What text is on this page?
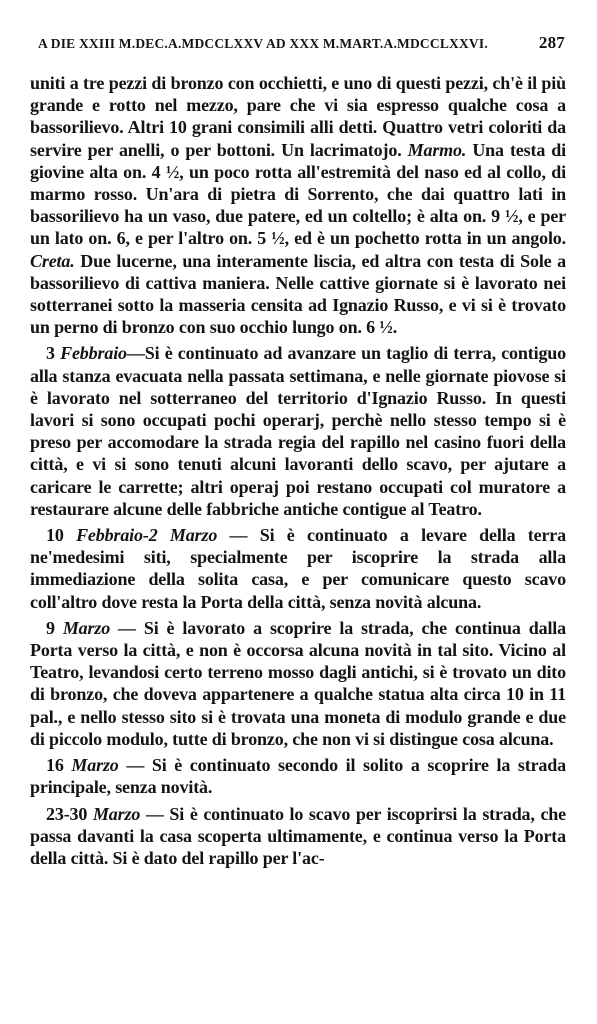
A DIE XXIII M.DEC.A.MDCCLXXV AD XXX M.MART.A.MDCCLXXVI.	287

uniti a tre pezzi di bronzo con occhietti, e uno di questi pezzi, ch'è il più grande e rotto nel mezzo, pare che vi sia espresso qualche cosa a bassorilievo. Altri 10 grani consimili alli detti. Quattro vetri coloriti da servire per anelli, o per bottoni. Un lacrimatojo. Marmo. Una testa di giovine alta on. 4 ½, un poco rotta all'estremità del naso ed al collo, di marmo rosso. Un'ara di pietra di Sorrento, che dai quattro lati in bassorilievo ha un vaso, due patere, ed un coltello; è alta on. 9 ½, e per un lato on. 6, e per l'altro on. 5 ½, ed è un pochetto rotta in un angolo. Creta. Due lucerne, una interamente liscia, ed altra con testa di Sole a bassorilievo di cattiva maniera. Nelle cattive giornate si è lavorato nei sotterranei sotto la masseria censita ad Ignazio Russo, e vi si è trovato un perno di bronzo con suo occhio lungo on. 6 ½.

3 Febbraio—Si è continuato ad avanzare un taglio di terra, contiguo alla stanza evacuata nella passata settimana, e nelle giornate piovose si è lavorato nel sotterraneo del territorio d'Ignazio Russo. In questi lavori si sono occupati pochi operarj, perchè nello stesso tempo si è preso per accomodare la strada regia del rapillo nel casino fuori della città, e vi si sono tenuti alcuni lavoranti dello scavo, per ajutare a caricare le carrette; altri operaj poi restano occupati col muratore a restaurare alcune delle fabbriche antiche contigue al Teatro.

10 Febbraio-2 Marzo — Si è continuato a levare della terra ne'medesimi siti, specialmente per iscoprire la strada alla immediazione della solita casa, e per comunicare questo scavo coll'altro dove resta la Porta della città, senza novità alcuna.

9 Marzo — Si è lavorato a scoprire la strada, che continua dalla Porta verso la città, e non è occorsa alcuna novità in tal sito. Vicino al Teatro, levandosi certo terreno mosso dagli antichi, si è trovato un dito di bronzo, che doveva appartenere a qualche statua alta circa 10 in 11 pal., e nello stesso sito si è trovata una moneta di modulo grande e due di piccolo modulo, tutte di bronzo, che non vi si distingue cosa alcuna.

16 Marzo — Si è continuato secondo il solito a scoprire la strada principale, senza novità.

23-30 Marzo — Si è continuato lo scavo per iscoprirsi la strada, che passa davanti la casa scoperta ultimamente, e continua verso la Porta della città. Si è dato del rapillo per l'ac-
